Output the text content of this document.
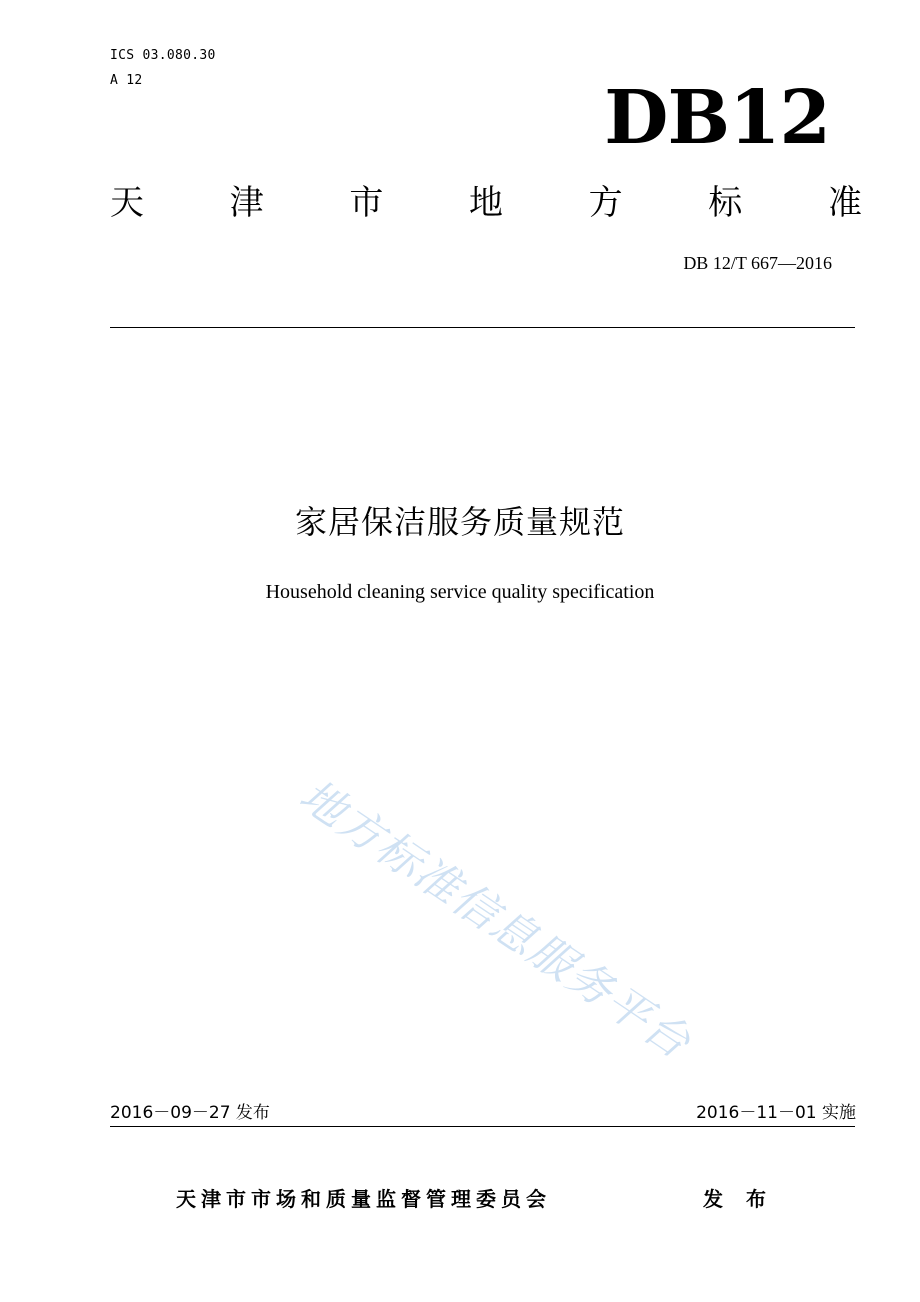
ICS 03.080.30
A 12	DB12
天	津	市	地	方	标	准
DB 12/T 667—2016
家居保洁服务质量规范
Household cleaning service quality specification
地方标准信息服务平台
2016－09－27 发布	2016－11－01 实施
天津市市场和质量监督管理委员会	发 布
